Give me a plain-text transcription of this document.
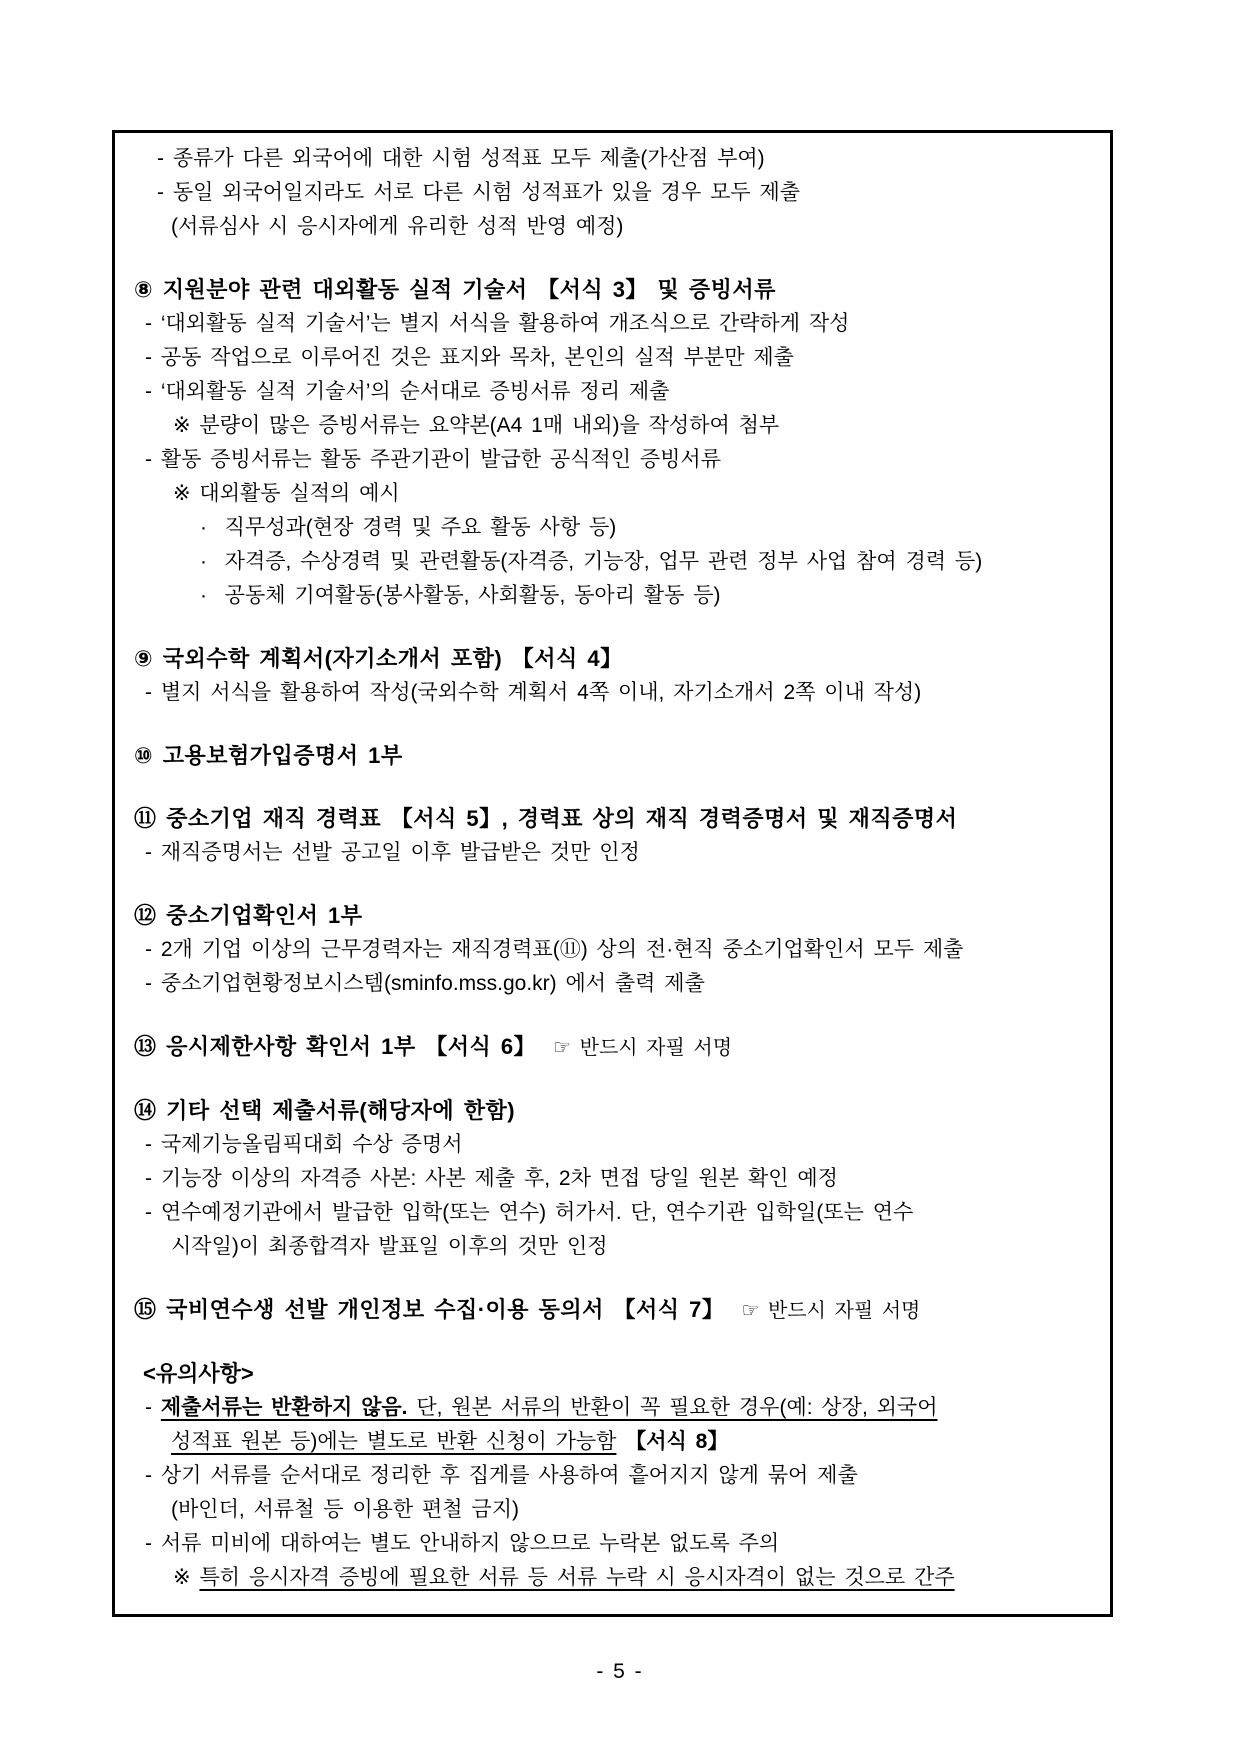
- 종류가 다른 외국어에 대한 시험 성적표 모두 제출(가산점 부여)
- 동일 외국어일지라도 서로 다른 시험 성적표가 있을 경우 모두 제출
(서류심사 시 응시자에게 유리한 성적 반영 예정)
⑧ 지원분야 관련 대외활동 실적 기술서 【서식 3】 및 증빙서류
- ‘대외활동 실적 기술서’는 별지 서식을 활용하여 개조식으로 간략하게 작성
- 공동 작업으로 이루어진 것은 표지와 목차, 본인의 실적 부분만 제출
- ‘대외활동 실적 기술서’의 순서대로 증빙서류 정리 제출
※ 분량이 많은 증빙서류는 요약본(A4 1매 내외)을 작성하여 첨부
- 활동 증빙서류는 활동 주관기관이 발급한 공식적인 증빙서류
※ 대외활동 실적의 예시
·  직무성과(현장 경력 및 주요 활동 사항 등)
·  자격증, 수상경력 및 관련활동(자격증, 기능장, 업무 관련 정부 사업 참여 경력 등)
·  공동체 기여활동(봉사활동, 사회활동, 동아리 활동 등)
⑨ 국외수학 계획서(자기소개서 포함) 【서식 4】
- 별지 서식을 활용하여 작성(국외수학 계획서 4쪽 이내, 자기소개서 2쪽 이내 작성)
⑩ 고용보험가입증명서 1부
⑪ 중소기업 재직 경력표 【서식 5】, 경력표 상의 재직 경력증명서 및 재직증명서
- 재직증명서는 선발 공고일 이후 발급받은 것만 인정
⑫ 중소기업확인서 1부
- 2개 기업 이상의 근무경력자는 재직경력표(⑪) 상의 전·현직 중소기업확인서 모두 제출
- 중소기업현황정보시스템(sminfo.mss.go.kr) 에서 출력 제출
⑬ 응시제한사항 확인서 1부 【서식 6】  ☞ 반드시 자필 서명
⑭ 기타 선택 제출서류(해당자에 한함)
- 국제기능올림픽대회 수상 증명서
- 기능장 이상의 자격증 사본: 사본 제출 후, 2차 면접 당일 원본 확인 예정
- 연수예정기관에서 발급한 입학(또는 연수) 허가서. 단, 연수기관 입학일(또는 연수
시작일)이 최종합격자 발표일 이후의 것만 인정
⑮ 국비연수생 선발 개인정보 수집·이용 동의서 【서식 7】  ☞ 반드시 자필 서명
<유의사항>
- 제출서류는 반환하지 않음. 단, 원본 서류의 반환이 꼭 필요한 경우(예: 상장, 외국어
성적표 원본 등)에는 별도로 반환 신청이 가능함 【서식 8】
- 상기 서류를 순서대로 정리한 후 집게를 사용하여 흩어지지 않게 묶어 제출
(바인더, 서류철 등 이용한 편철 금지)
- 서류 미비에 대하여는 별도 안내하지 않으므로 누락본 없도록 주의
※ 특히 응시자격 증빙에 필요한 서류 등 서류 누락 시 응시자격이 없는 것으로 간주
- 5 -
